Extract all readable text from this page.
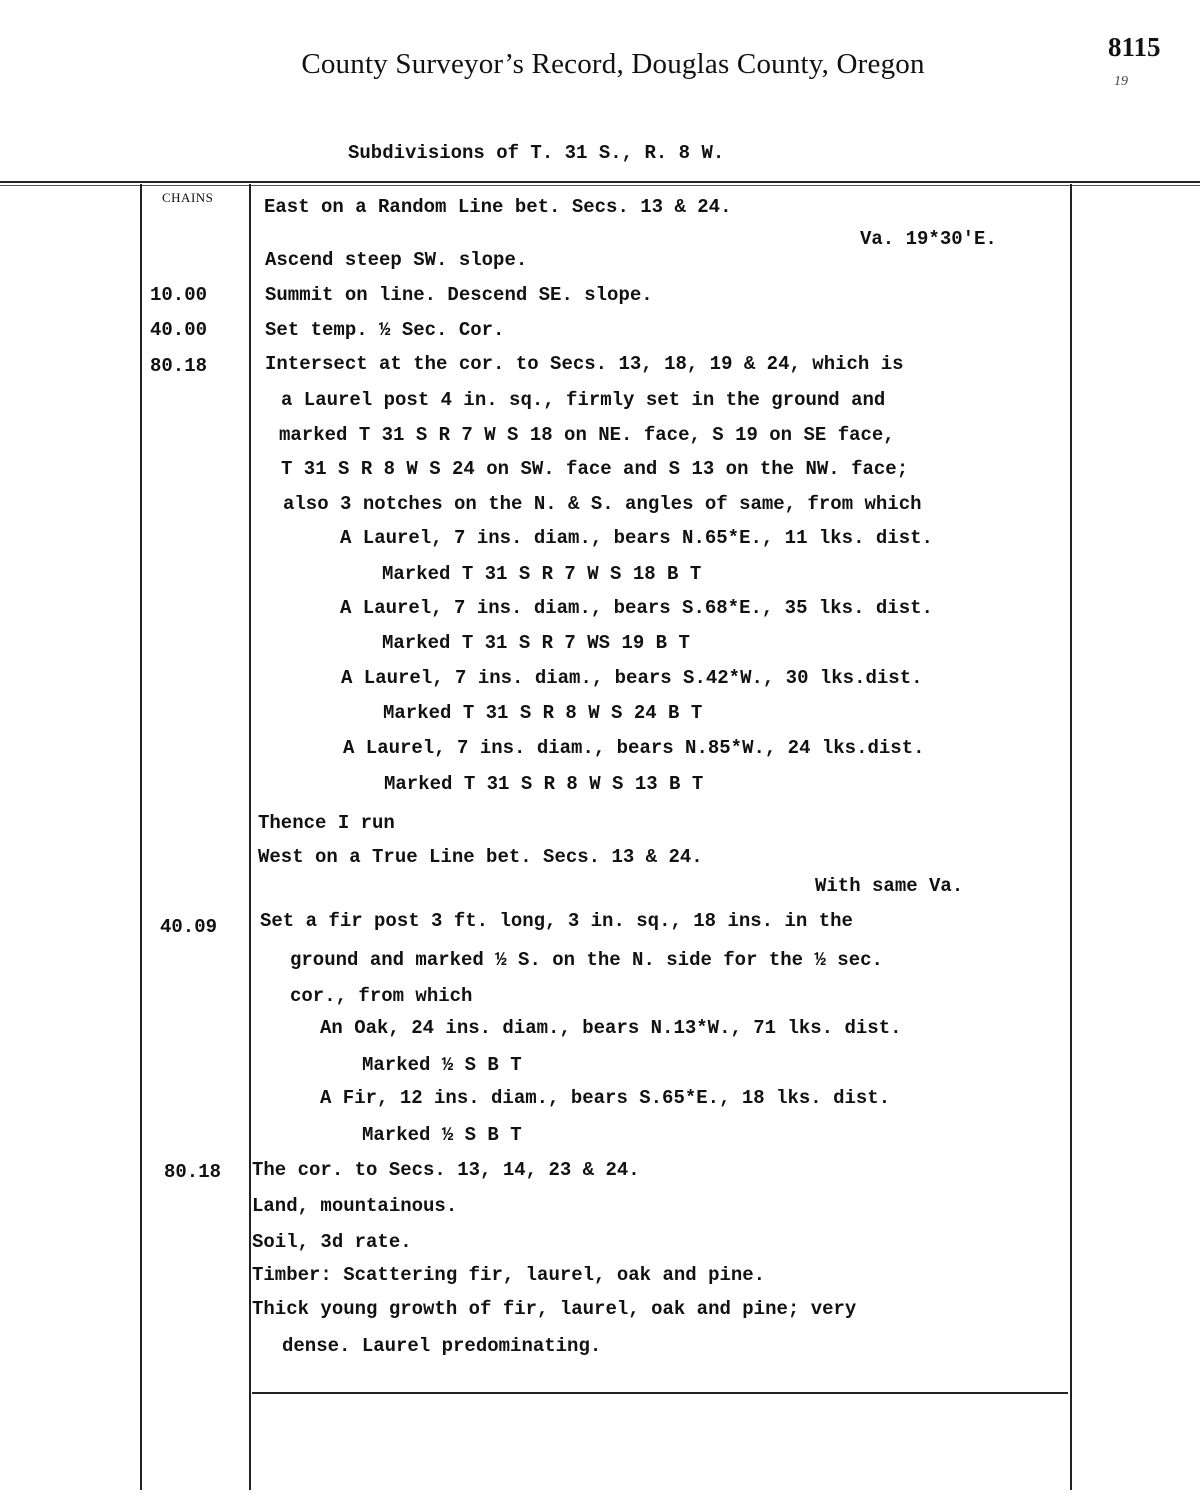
County Surveyor’s Record, Douglas County, Oregon
8115
19
Subdivisions of T. 31 S., R. 8 W.
CHAINS
10.00
40.00
80.18
40.09
80.18
East on a Random Line bet. Secs. 13 & 24.
Va. 19*30'E.
Ascend steep SW. slope.
Summit on line. Descend SE. slope.
Set temp. ½ Sec. Cor.
Intersect at the cor. to Secs. 13, 18, 19 & 24, which is
a Laurel post 4 in. sq., firmly set in the ground and
marked T 31 S R 7 W S 18 on NE. face, S 19 on SE face,
T 31 S R 8 W S 24 on SW. face and S 13 on the NW. face;
also 3 notches on the N. & S. angles of same, from which
A Laurel, 7 ins. diam., bears N.65*E., 11 lks. dist.
Marked T 31 S R 7 W S 18 B T
A Laurel, 7 ins. diam., bears S.68*E., 35 lks. dist.
Marked T 31 S R 7 WS 19 B T
A Laurel, 7 ins. diam., bears S.42*W., 30 lks.dist.
Marked T 31 S R 8 W S 24 B T
A Laurel, 7 ins. diam., bears N.85*W., 24 lks.dist.
Marked T 31 S R 8 W S 13 B T
Thence I run
West on a True Line bet. Secs. 13 & 24.
With same Va.
Set a fir post 3 ft. long, 3 in. sq., 18 ins. in the
ground and marked ½ S. on the N. side for the ½ sec.
cor., from which
An Oak, 24 ins. diam., bears N.13*W., 71 lks. dist.
Marked ½ S B T
A Fir, 12 ins. diam., bears S.65*E., 18 lks. dist.
Marked ½ S B T
The cor. to Secs. 13, 14, 23 & 24.
Land, mountainous.
Soil, 3d rate.
Timber: Scattering fir, laurel, oak and pine.
Thick young growth of fir, laurel, oak and pine; very
dense. Laurel predominating.
